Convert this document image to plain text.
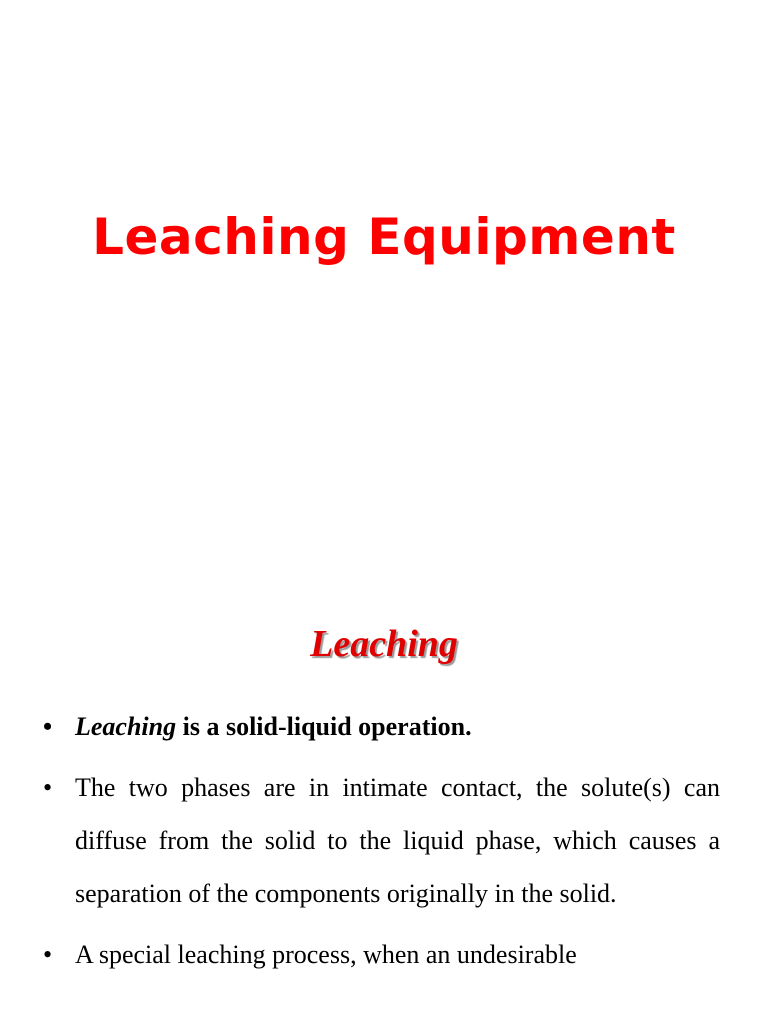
Leaching Equipment
Leaching
• Leaching is a solid-liquid operation.
• The two phases are in intimate contact, the solute(s) can diffuse from the solid to the liquid phase, which causes a separation of the components originally in the solid.
• A special leaching process, when an undesirable
